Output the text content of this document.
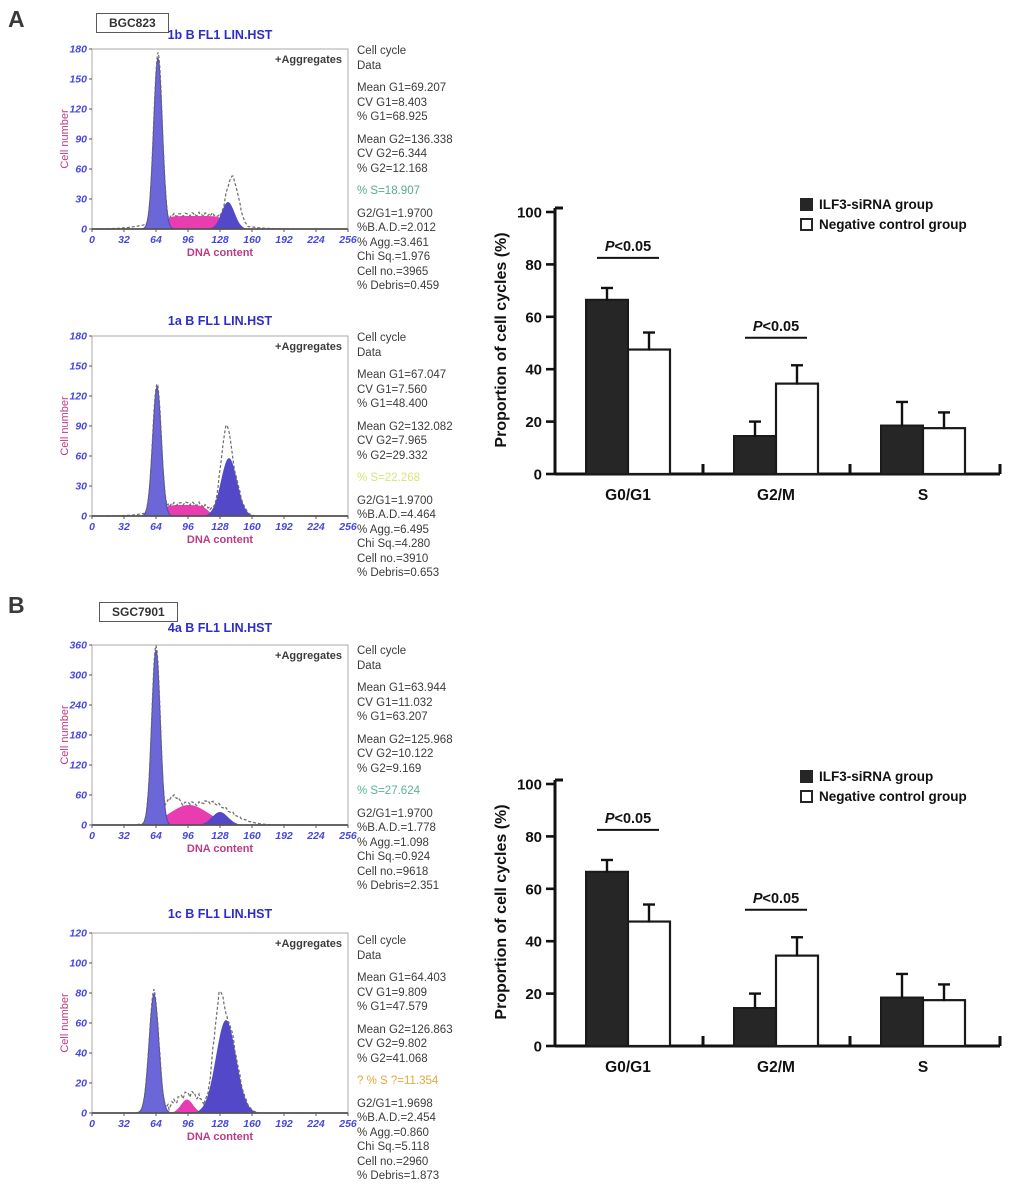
A	BGC823
1b B FL1 LIN.HST
0 32 64 96 128 160 192 224 256
0
30
60
90
120
150
180
+Aggregates
DNA content
Cell number
Cell cycle
Data
Mean G1=69.207
CV G1=8.403
% G1=68.925
Mean G2=136.338
CV G2=6.344
% G2=12.168
% S=18.907
G2/G1=1.9700
%B.A.D.=2.012
% Agg.=3.461
Chi Sq.=1.976
Cell no.=3965
% Debris=0.459
1a B FL1 LIN.HST
0 32 64 96 128 160 192 224 256
0
30
60
90
120
150
180
+Aggregates
DNA content
Cell number
Cell cycle
Data
Mean G1=67.047
CV G1=7.560
% G1=48.400
Mean G2=132.082
CV G2=7.965
% G2=29.332
% S=22.268
G2/G1=1.9700
%B.A.D.=4.464
% Agg.=6.495
Chi Sq.=4.280
Cell no.=3910
% Debris=0.653
0
20
40
60
80
100
G0/G1	G2/M	S
P<0.05
P<0.05
Proportion of cell cycles (%)
ILF3-siRNA group
Negative control group
B	SGC7901
4a B FL1 LIN.HST
0 32 64 96 128 160 192 224 256
0
60
120
180
240
300
360
+Aggregates
DNA content
Cell number
Cell cycle
Data
Mean G1=63.944
CV G1=11.032
% G1=63.207
Mean G2=125.968
CV G2=10.122
% G2=9.169
% S=27.624
G2/G1=1.9700
%B.A.D.=1.778
% Agg.=1.098
Chi Sq.=0.924
Cell no.=9618
% Debris=2.351
1c B FL1 LIN.HST
0 32 64 96 128 160 192 224 256
0
20
40
60
80
100
120
+Aggregates
DNA content
Cell number
Cell cycle
Data
Mean G1=64.403
CV G1=9.809
% G1=47.579
Mean G2=126.863
CV G2=9.802
% G2=41.068
? % S ?=11.354
G2/G1=1.9698
%B.A.D.=2.454
% Agg.=0.860
Chi Sq.=5.118
Cell no.=2960
% Debris=1.873
0
20
40
60
80
100
G0/G1	G2/M	S
P<0.05
P<0.05
Proportion of cell cycles (%)
ILF3-siRNA group
Negative control group
